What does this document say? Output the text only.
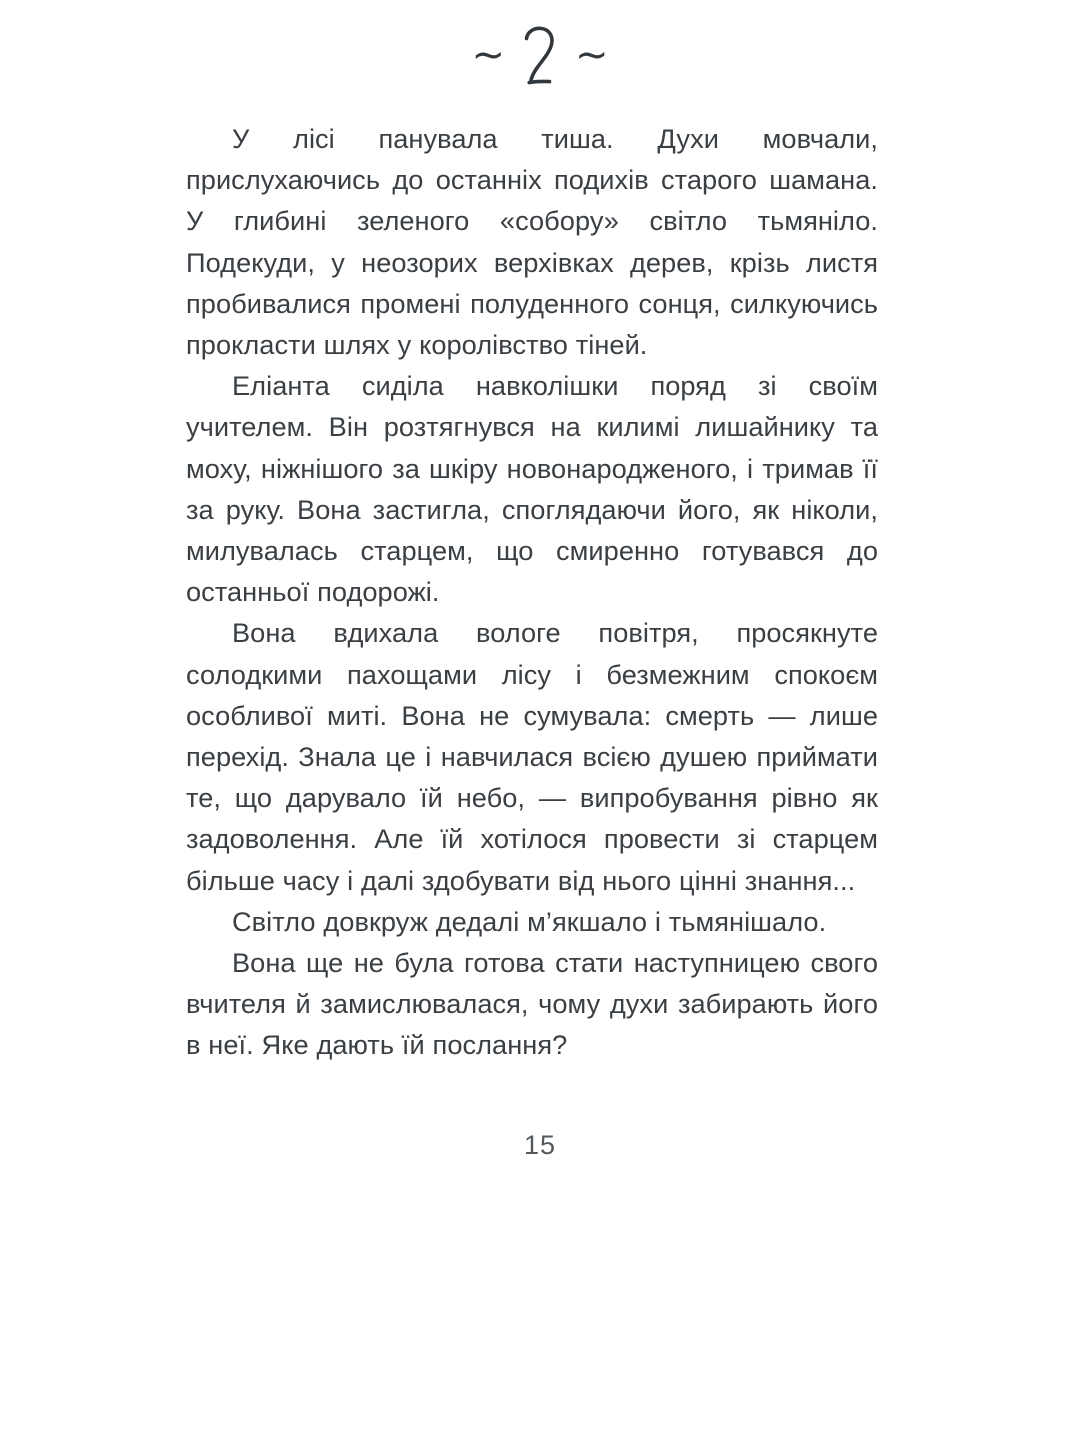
~ ~

У лісі панувала тиша. Духи мовчали, прислухаючись до останніх подихів старого шамана. У глибині зеленого «собору» світло тьмяніло. Подекуди, у неозорих верхівках дерев, крізь листя пробивалися промені полуденного сонця, силкуючись прокласти шлях у королівство тіней.

Еліанта сиділа навколішки поряд зі своїм учителем. Він розтягнувся на килимі лишайнику та моху, ніжнішого за шкіру новонародженого, і тримав її за руку. Вона застигла, споглядаючи його, як ніколи, милувалась старцем, що смиренно готувався до останньої подорожі.

Вона вдихала вологе повітря, просякнуте солодкими пахощами лісу і безмежним спокоєм особливої миті. Вона не сумувала: смерть — лише перехід. Знала це і навчилася всією душею приймати те, що дарувало їй небо, — випробування рівно як задоволення. Але їй хотілося провести зі старцем більше часу і далі здобувати від нього цінні знання...

Світло довкруж дедалі м’якшало і тьмянішало.

Вона ще не була готова стати наступницею свого вчителя й замислювалася, чому духи забирають його в неї. Яке дають їй послання?

15
